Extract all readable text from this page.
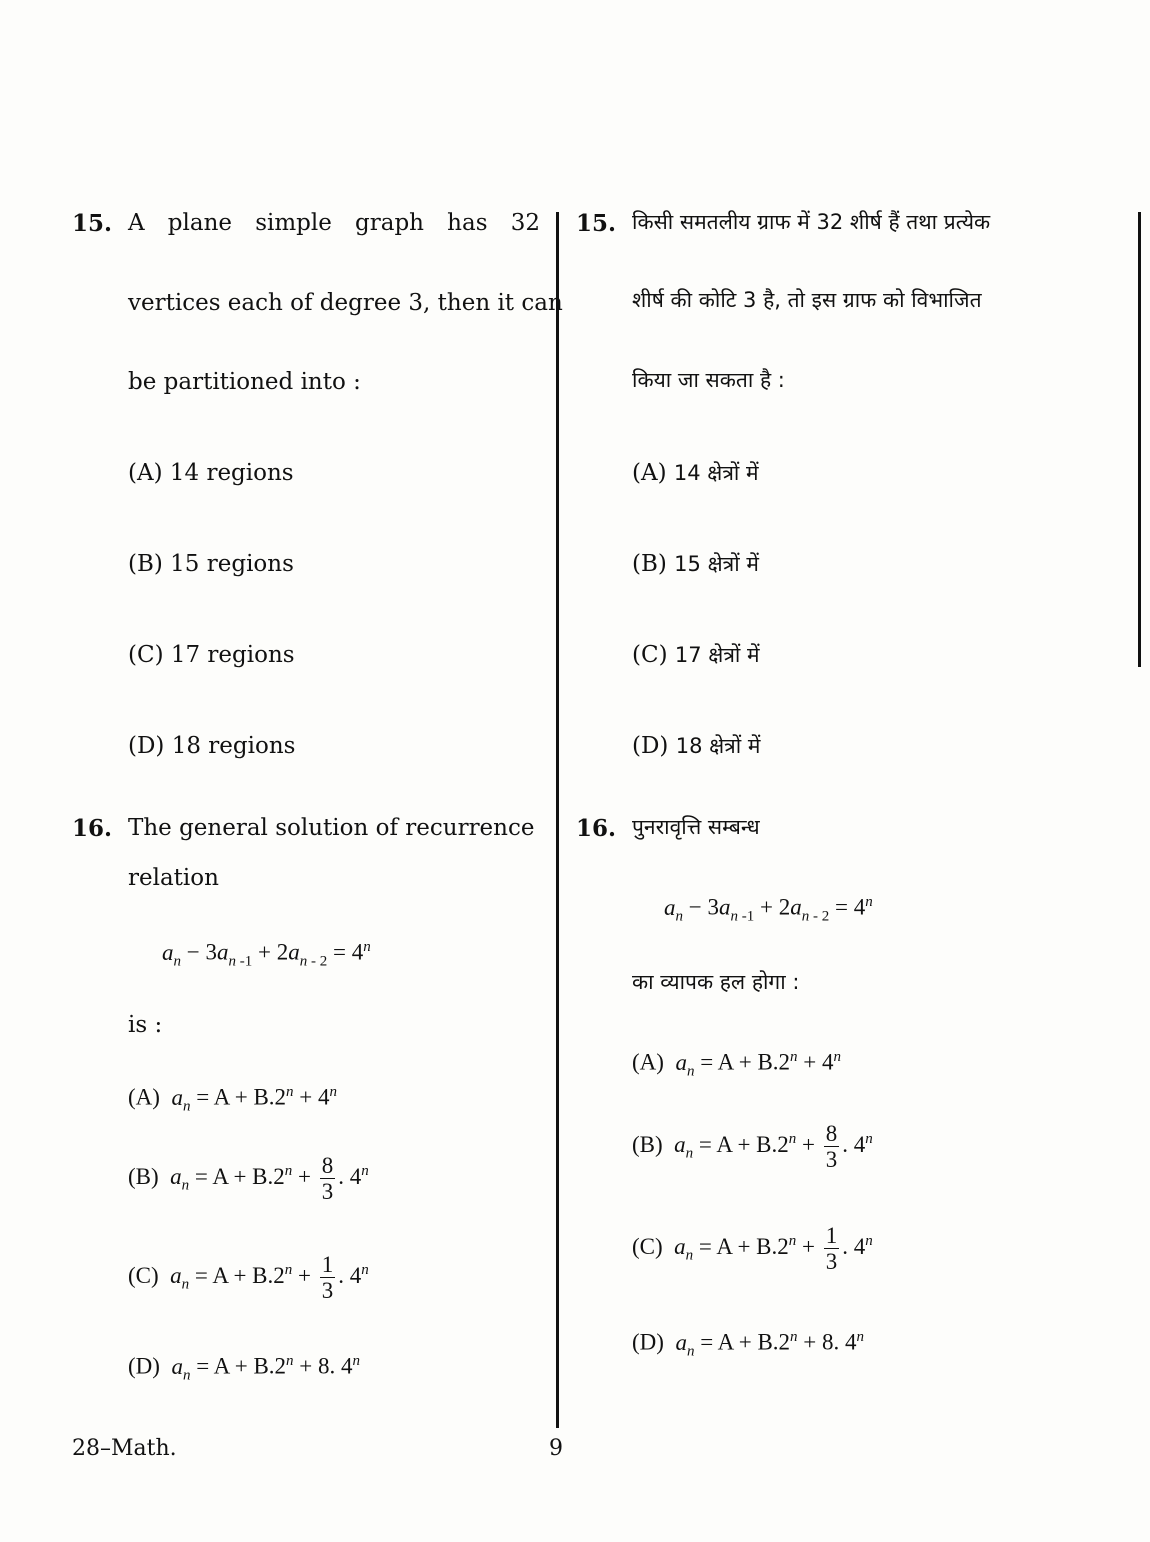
15. A plane simple graph has 32
vertices each of degree 3, then it can
be partitioned into :
(A) 14 regions
(B) 15 regions
(C) 17 regions
(D) 18 regions
16. The general solution of recurrence
relation
$a_n - 3a_{n -1} + 2a_{n - 2} = 4^n$
is :
(A) $a_n = A + B.2^n + 4^n$
(B) $a_n = A + B.2^n + \frac{8}{3}$ . 4$^n$
(C) $a_n = A + B.2^n + \frac{1}{3}$ . 4$^n$
(D) $a_n = A + B.2^n + 8$. 4$^n$
15. किसी समतलीय ग्राफ में 32 शीर्ष हैं तथा प्रत्येक
शीर्ष की कोटि 3 है, तो इस ग्राफ को विभाजित
किया जा सकता है :
(A) 14 क्षेत्रों में
(B) 15 क्षेत्रों में
(C) 17 क्षेत्रों में
(D) 18 क्षेत्रों में
16. पुनरावृत्ति सम्बन्ध
$a_n - 3a_{n -1} + 2a_{n - 2} = 4^n$
का व्यापक हल होगा :
(A) $a_n = A + B.2^n + 4^n$
(B) $a_n = A + B.2^n + \frac{8}{3}$ . 4$^n$
(C) $a_n = A + B.2^n + \frac{1}{3}$ . 4$^n$
(D) $a_n = A + B.2^n + 8$. 4$^n$
28–Math.	9
